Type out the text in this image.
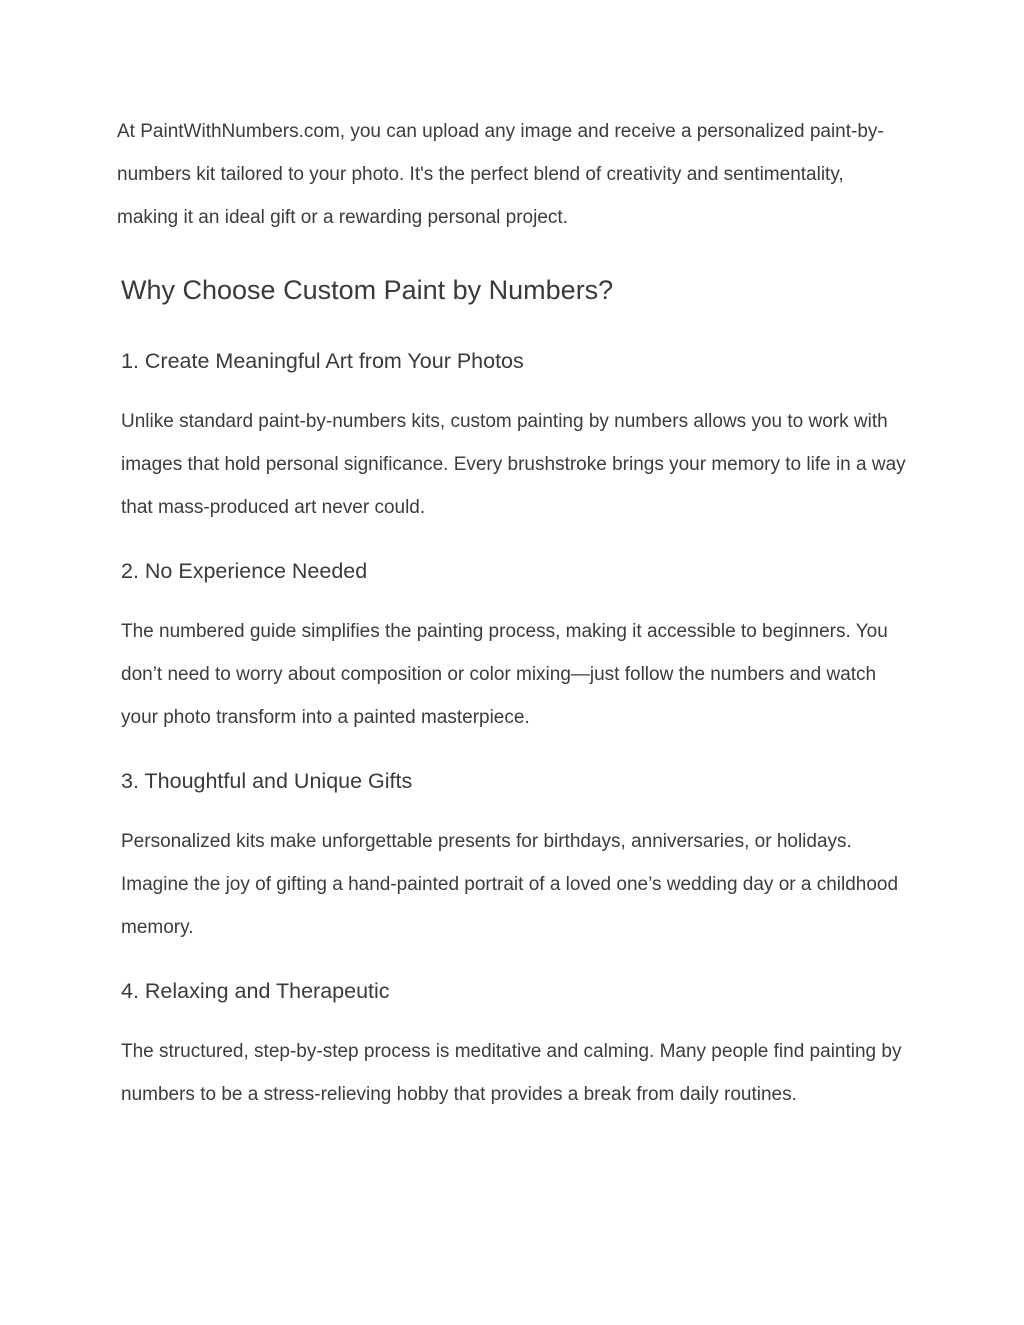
At PaintWithNumbers.com, you can upload any image and receive a personalized paint-by-numbers kit tailored to your photo. It's the perfect blend of creativity and sentimentality, making it an ideal gift or a rewarding personal project.

Why Choose Custom Paint by Numbers?
1. Create Meaningful Art from Your Photos

Unlike standard paint-by-numbers kits, custom painting by numbers allows you to work with images that hold personal significance. Every brushstroke brings your memory to life in a way that mass-produced art never could.

2. No Experience Needed

The numbered guide simplifies the painting process, making it accessible to beginners. You don’t need to worry about composition or color mixing—just follow the numbers and watch your photo transform into a painted masterpiece.

3. Thoughtful and Unique Gifts

Personalized kits make unforgettable presents for birthdays, anniversaries, or holidays. Imagine the joy of gifting a hand-painted portrait of a loved one’s wedding day or a childhood memory.

4. Relaxing and Therapeutic

The structured, step-by-step process is meditative and calming. Many people find painting by numbers to be a stress-relieving hobby that provides a break from daily routines.
